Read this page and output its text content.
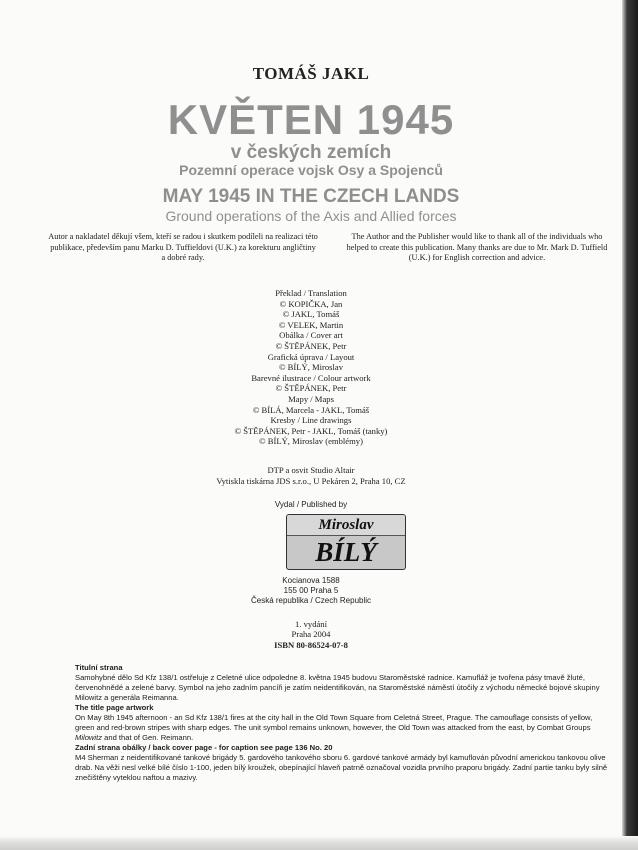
TOMÁŠ JAKL
KVĚTEN 1945
v českých zemích
Pozemní operace vojsk Osy a Spojenců
MAY 1945 IN THE CZECH LANDS
Ground operations of the Axis and Allied forces
Autor a nakladatel děkují všem, kteří se radou i skutkem podíleli na realizaci této publikace, především panu Marku D. Tuffieldovi (U.K.) za korekturu angličtiny a dobré rady.
The Author and the Publisher would like to thank all of the individuals who helped to create this publication. Many thanks are due to Mr. Mark D. Tuffield (U.K.) for English correction and advice.
Překlad / Translation
© KOPIČKA, Jan
© JAKL, Tomáš
© VELEK, Martin
Obálka / Cover art
© ŠTĚPÁNEK, Petr
Grafická úprava / Layout
© BÍLÝ, Miroslav
Barevné ilustrace / Colour artwork
© ŠTĚPÁNEK, Petr
Mapy / Maps
© BÍLÁ, Marcela - JAKL, Tomáš
Kresby / Line drawings
© ŠTĚPÁNEK, Petr - JAKL, Tomáš (tanky)
© BÍLÝ, Miroslav (emblémy)
DTP a osvit Studio Altair
Vytiskla tiskárna JDS s.r.o., U Pekáren 2, Praha 10, CZ
Vydal / Published by
Miroslav
BÍLÝ
Kocianova 1588
155 00 Praha 5
Česká republika / Czech Republic
1. vydání
Praha 2004
ISBN 80-86524-07-8

Titulní strana

Samohybné dělo Sd Kfz 138/1 ostřeluje z Celetné ulice odpoledne 8. května 1945 budovu Staroměstské radnice. Kamufláž je tvořena pásy tmavě žluté, červenohnědé a zelené barvy. Symbol na jeho zadním pancíři je zatím neidentifikován, na Staroměstské náměstí útočily z východu německé bojové skupiny Milowitz a generála Reimanna.

The title page artwork

On May 8th 1945 afternoon - an Sd Kfz 138/1 fires at the city hall in the Old Town Square from Celetná Street, Prague. The camouflage consists of yellow, green and red-brown stripes with sharp edges. The unit symbol remains unknown, however, the Old Town was attacked from the east, by Combat Groups Milowitz and that of Gen. Reimann.

Zadní strana obálky / back cover page - for caption see page 136 No. 20

M4 Sherman z neidentifikované tankové brigády 5. gardového tankového sboru 6. gardové tankové armády byl kamuflován původní americkou tankovou olive drab. Na věži nesl velké bílé číslo 1-100, jeden bílý kroužek, obepínající hlaveň patrně označoval vozidla prvního praporu brigády. Zadní partie tanku byly silně znečištěny vyteklou naftou a mazivy.
